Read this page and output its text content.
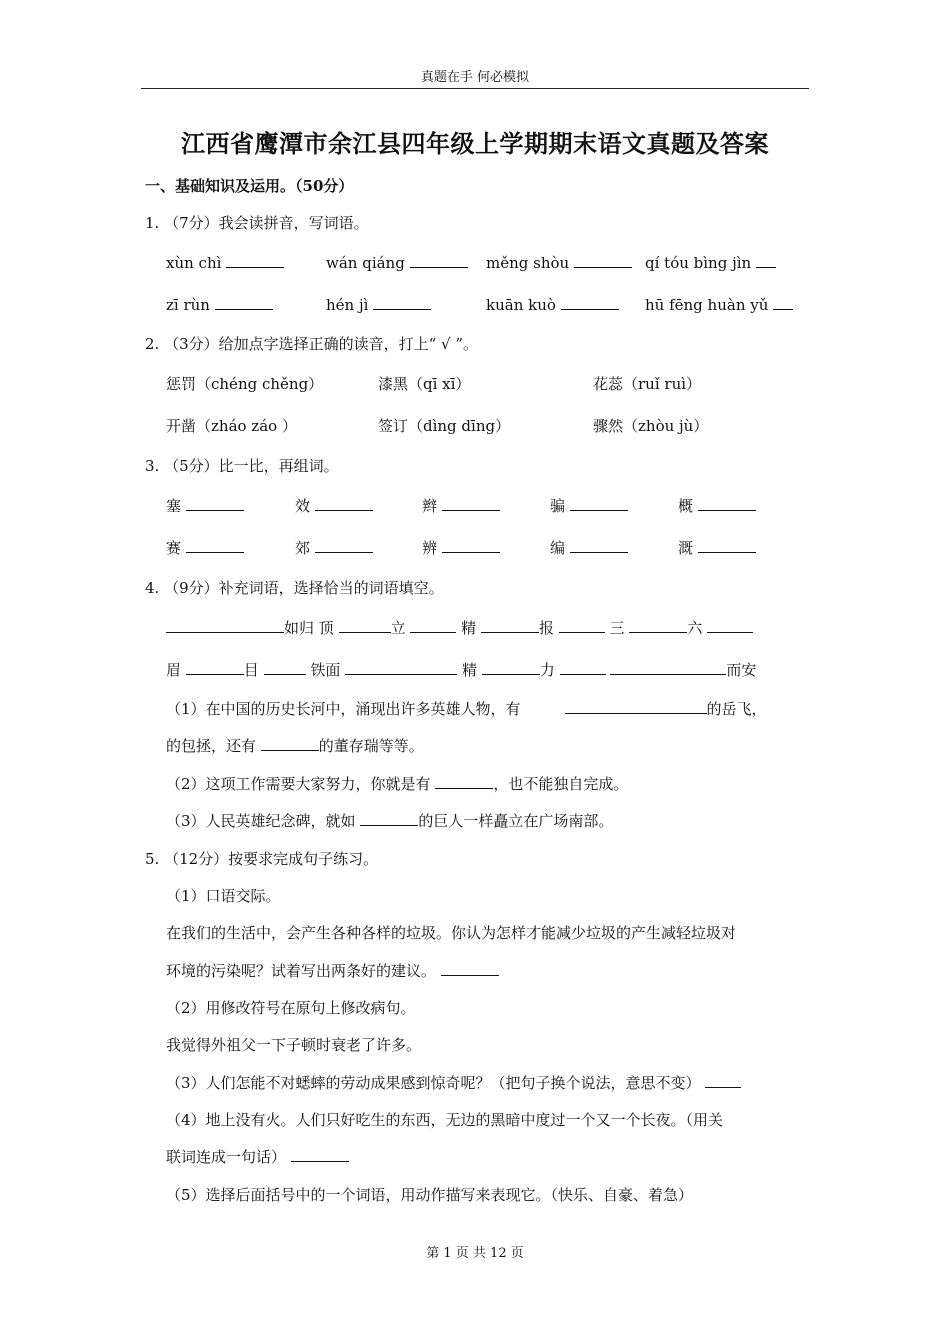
真题在手 何必模拟
江西省鹰潭市余江县四年级上学期期末语文真题及答案
一、基础知识及运用。（50分）
1. （7分）我会读拼音，写词语。
xùn chì	wán qiáng	měng shòu	qí tóu bìng jìn
zī rùn	hén jì	kuān kuò	hū fēng huàn yǔ
2. （3分）给加点字选择正确的读音，打上“ √ ”。
惩罚（chéng chěng）	漆黑（qī xī）	花蕊（ruǐ ruì）
开凿（zháo záo ）	签订（dìng dīng）	骤然（zhòu jù）
3. （5分）比一比，再组词。
塞	效	辫	骗	概
赛	郊	辨	编	溉
4. （9分）补充词语，选择恰当的词语填空。
如归 顶	立	精	报	三	六
眉	目	铁面	精	力	而安
（1）在中国的历史长河中，涌现出许多英雄人物，有	的岳飞，
的包拯，还有	的董存瑞等等。
（2）这项工作需要大家努力，你就是有	，也不能独自完成。
（3）人民英雄纪念碑，就如	的巨人一样矗立在广场南部。
5. （12分）按要求完成句子练习。
（1）口语交际。
在我们的生活中，会产生各种各样的垃圾。你认为怎样才能减少垃圾的产生减轻垃圾对
环境的污染呢？试着写出两条好的建议。
（2）用修改符号在原句上修改病句。
我觉得外祖父一下子顿时衰老了许多。
（3）人们怎能不对蟋蟀的劳动成果感到惊奇呢？（把句子换个说法，意思不变）
（4）地上没有火。人们只好吃生的东西，无边的黑暗中度过一个又一个长夜。（用关
联词连成一句话）
（5）选择后面括号中的一个词语，用动作描写来表现它。（快乐、自豪、着急）
第 1 页 共 12 页
